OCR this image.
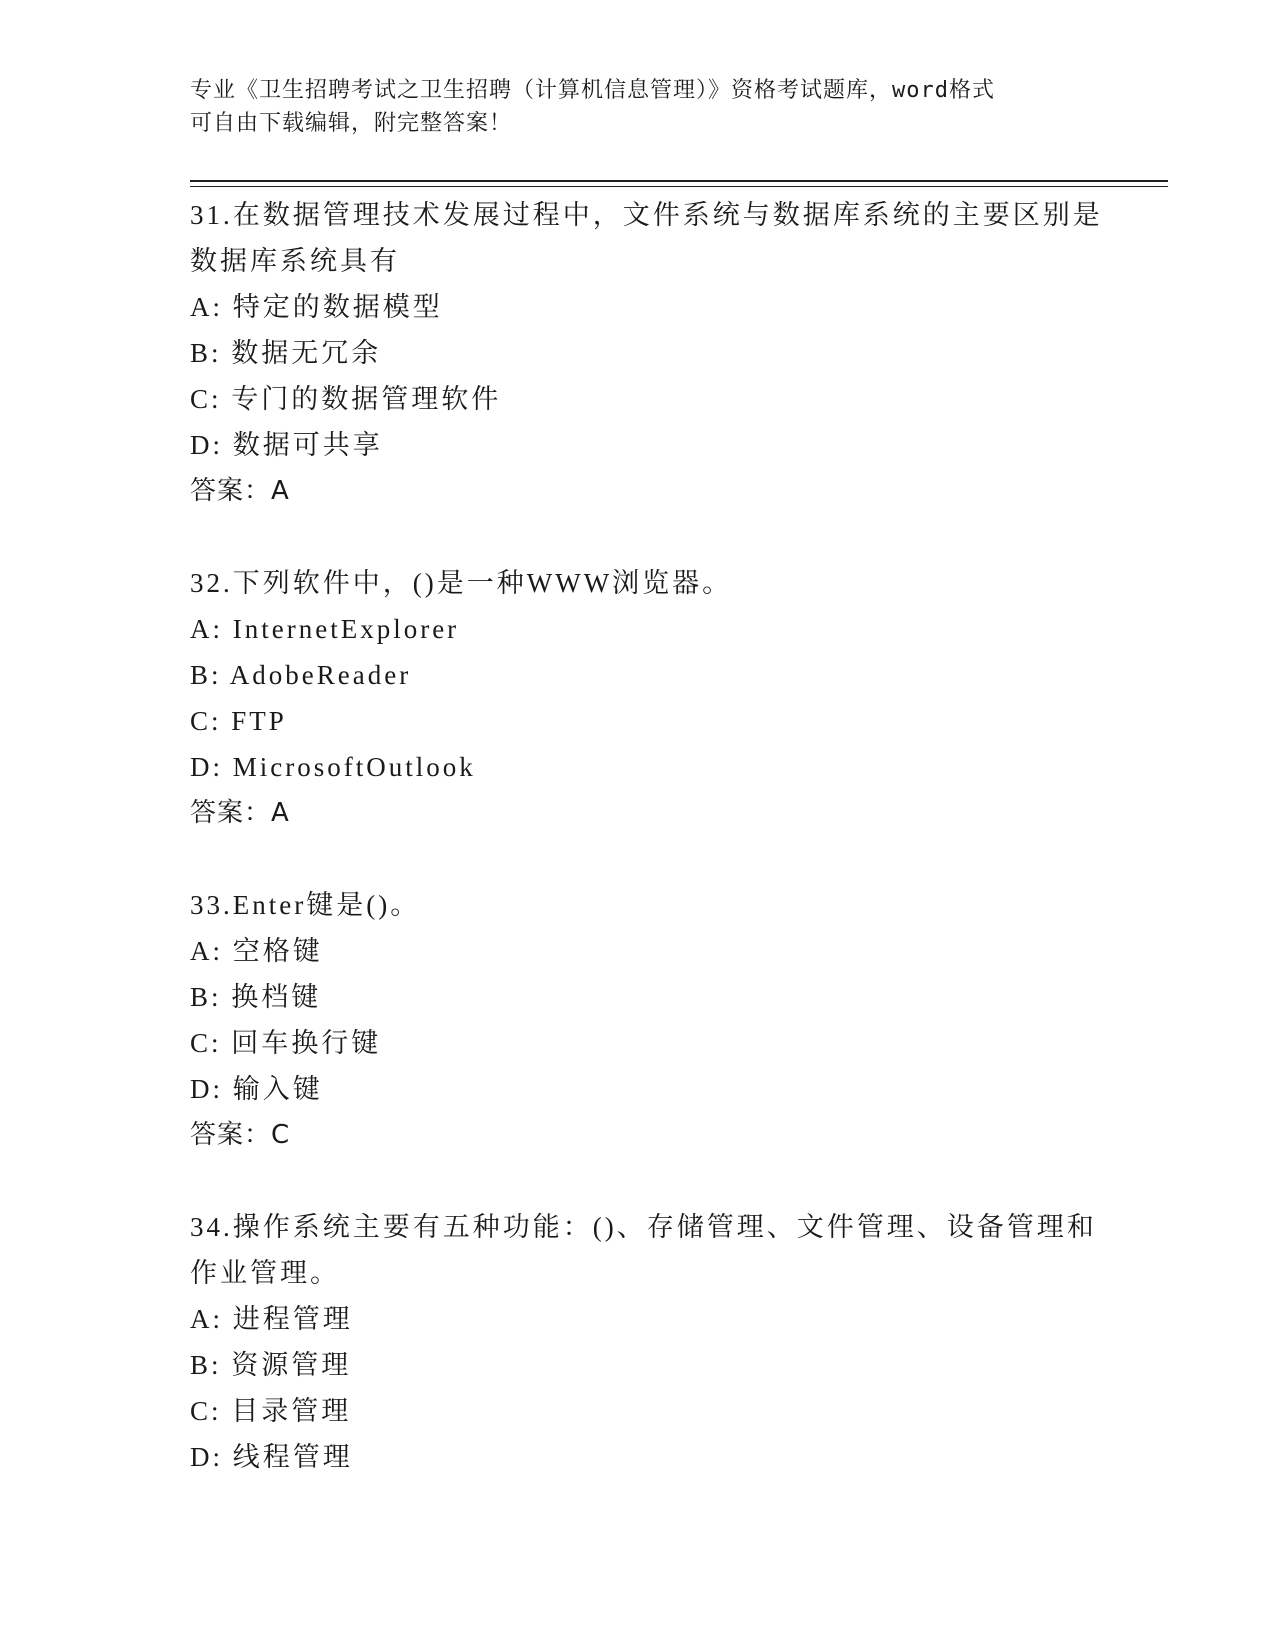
专业《卫生招聘考试之卫生招聘（计算机信息管理）》资格考试题库，word格式
可自由下载编辑，附完整答案！
31.在数据管理技术发展过程中，文件系统与数据库系统的主要区别是
数据库系统具有
A: 特定的数据模型
B: 数据无冗余
C: 专门的数据管理软件
D: 数据可共享
答案：A
32.下列软件中，()是一种WWW浏览器。
A: InternetExplorer
B: AdobeReader
C: FTP
D: MicrosoftOutlook
答案：A
33.Enter键是()。
A: 空格键
B: 换档键
C: 回车换行键
D: 输入键
答案：C
34.操作系统主要有五种功能：()、存储管理、文件管理、设备管理和
作业管理。
A: 进程管理
B: 资源管理
C: 目录管理
D: 线程管理
